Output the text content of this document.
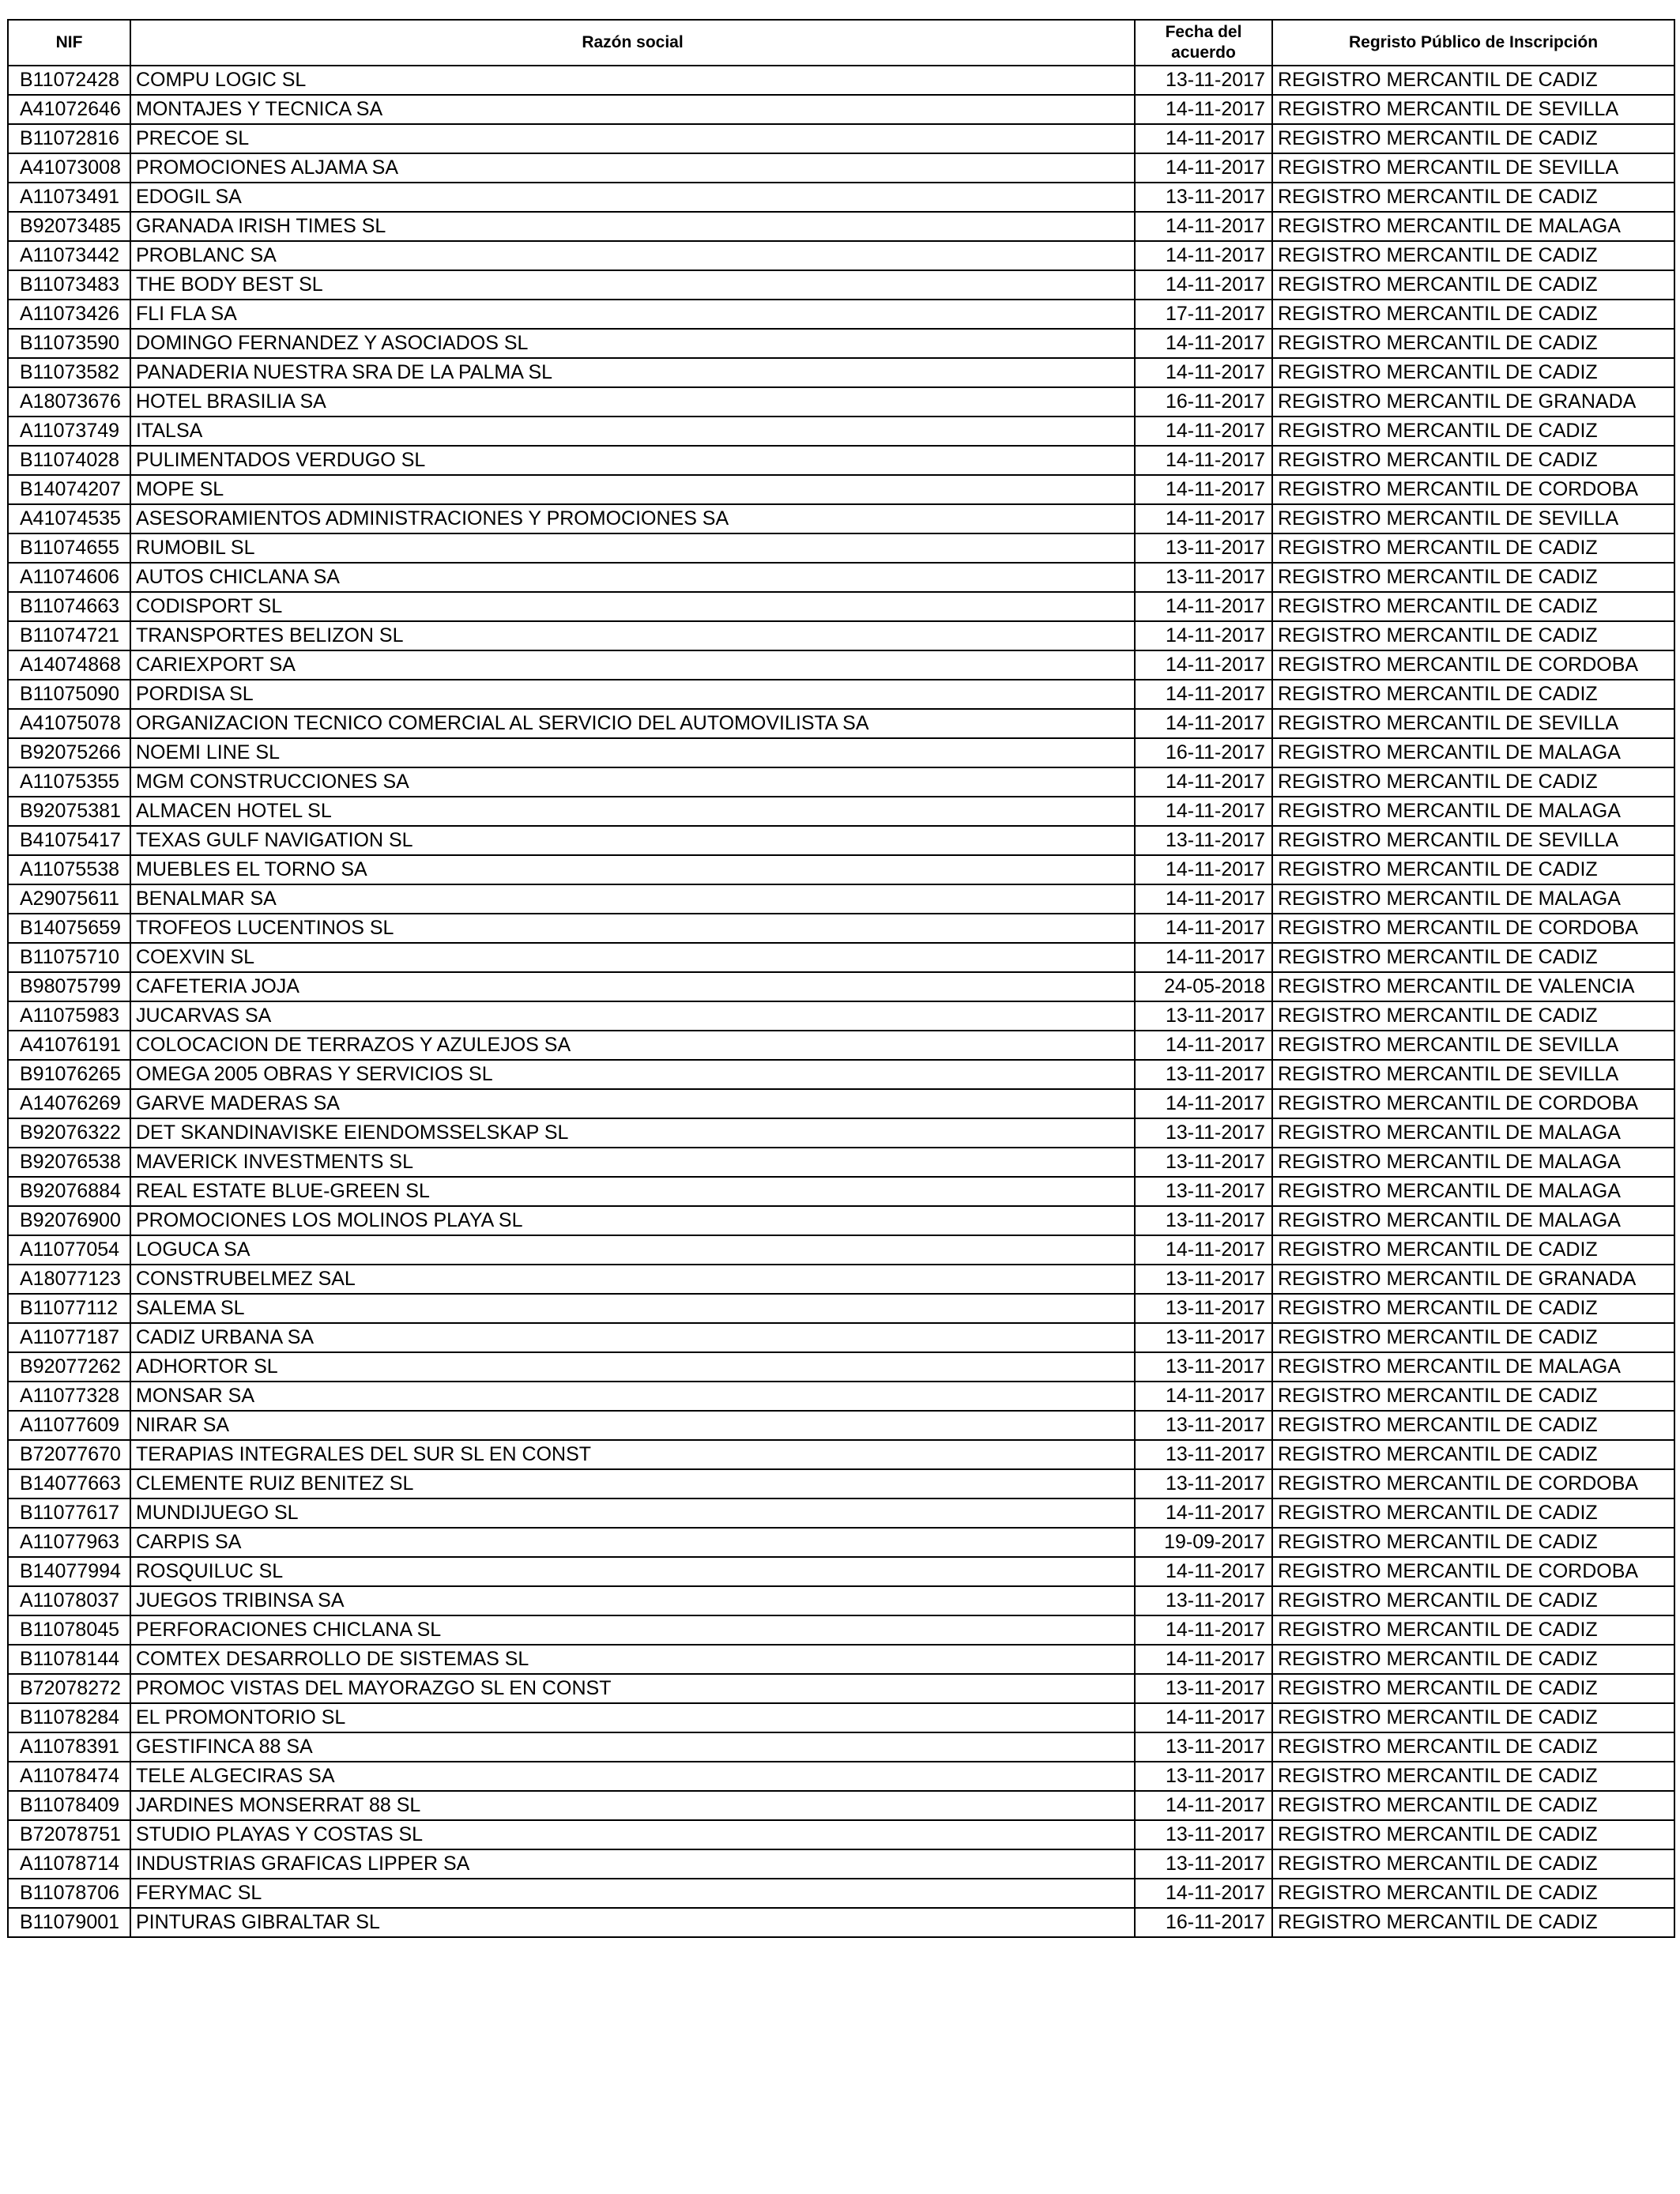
NIF	Razón social	Fecha del acuerdo	Regristo Público de Inscripción
B11072428	COMPU LOGIC SL	13-11-2017	REGISTRO MERCANTIL DE CADIZ
A41072646	MONTAJES Y TECNICA SA	14-11-2017	REGISTRO MERCANTIL DE SEVILLA
B11072816	PRECOE SL	14-11-2017	REGISTRO MERCANTIL DE CADIZ
A41073008	PROMOCIONES ALJAMA SA	14-11-2017	REGISTRO MERCANTIL DE SEVILLA
A11073491	EDOGIL SA	13-11-2017	REGISTRO MERCANTIL DE CADIZ
B92073485	GRANADA IRISH TIMES SL	14-11-2017	REGISTRO MERCANTIL DE MALAGA
A11073442	PROBLANC SA	14-11-2017	REGISTRO MERCANTIL DE CADIZ
B11073483	THE BODY BEST SL	14-11-2017	REGISTRO MERCANTIL DE CADIZ
A11073426	FLI FLA SA	17-11-2017	REGISTRO MERCANTIL DE CADIZ
B11073590	DOMINGO FERNANDEZ Y ASOCIADOS SL	14-11-2017	REGISTRO MERCANTIL DE CADIZ
B11073582	PANADERIA NUESTRA SRA DE LA PALMA SL	14-11-2017	REGISTRO MERCANTIL DE CADIZ
A18073676	HOTEL BRASILIA SA	16-11-2017	REGISTRO MERCANTIL DE GRANADA
A11073749	ITALSA	14-11-2017	REGISTRO MERCANTIL DE CADIZ
B11074028	PULIMENTADOS VERDUGO SL	14-11-2017	REGISTRO MERCANTIL DE CADIZ
B14074207	MOPE SL	14-11-2017	REGISTRO MERCANTIL DE CORDOBA
A41074535	ASESORAMIENTOS ADMINISTRACIONES Y PROMOCIONES SA	14-11-2017	REGISTRO MERCANTIL DE SEVILLA
B11074655	RUMOBIL SL	13-11-2017	REGISTRO MERCANTIL DE CADIZ
A11074606	AUTOS CHICLANA SA	13-11-2017	REGISTRO MERCANTIL DE CADIZ
B11074663	CODISPORT SL	14-11-2017	REGISTRO MERCANTIL DE CADIZ
B11074721	TRANSPORTES BELIZON SL	14-11-2017	REGISTRO MERCANTIL DE CADIZ
A14074868	CARIEXPORT SA	14-11-2017	REGISTRO MERCANTIL DE CORDOBA
B11075090	PORDISA SL	14-11-2017	REGISTRO MERCANTIL DE CADIZ
A41075078	ORGANIZACION TECNICO COMERCIAL AL SERVICIO DEL AUTOMOVILISTA SA	14-11-2017	REGISTRO MERCANTIL DE SEVILLA
B92075266	NOEMI LINE SL	16-11-2017	REGISTRO MERCANTIL DE MALAGA
A11075355	MGM CONSTRUCCIONES SA	14-11-2017	REGISTRO MERCANTIL DE CADIZ
B92075381	ALMACEN HOTEL SL	14-11-2017	REGISTRO MERCANTIL DE MALAGA
B41075417	TEXAS GULF NAVIGATION SL	13-11-2017	REGISTRO MERCANTIL DE SEVILLA
A11075538	MUEBLES EL TORNO SA	14-11-2017	REGISTRO MERCANTIL DE CADIZ
A29075611	BENALMAR SA	14-11-2017	REGISTRO MERCANTIL DE MALAGA
B14075659	TROFEOS LUCENTINOS SL	14-11-2017	REGISTRO MERCANTIL DE CORDOBA
B11075710	COEXVIN SL	14-11-2017	REGISTRO MERCANTIL DE CADIZ
B98075799	CAFETERIA JOJA	24-05-2018	REGISTRO MERCANTIL DE VALENCIA
A11075983	JUCARVAS SA	13-11-2017	REGISTRO MERCANTIL DE CADIZ
A41076191	COLOCACION DE TERRAZOS Y AZULEJOS SA	14-11-2017	REGISTRO MERCANTIL DE SEVILLA
B91076265	OMEGA 2005 OBRAS Y SERVICIOS SL	13-11-2017	REGISTRO MERCANTIL DE SEVILLA
A14076269	GARVE MADERAS SA	14-11-2017	REGISTRO MERCANTIL DE CORDOBA
B92076322	DET SKANDINAVISKE EIENDOMSSELSKAP SL	13-11-2017	REGISTRO MERCANTIL DE MALAGA
B92076538	MAVERICK INVESTMENTS SL	13-11-2017	REGISTRO MERCANTIL DE MALAGA
B92076884	REAL ESTATE BLUE-GREEN SL	13-11-2017	REGISTRO MERCANTIL DE MALAGA
B92076900	PROMOCIONES LOS MOLINOS PLAYA SL	13-11-2017	REGISTRO MERCANTIL DE MALAGA
A11077054	LOGUCA SA	14-11-2017	REGISTRO MERCANTIL DE CADIZ
A18077123	CONSTRUBELMEZ SAL	13-11-2017	REGISTRO MERCANTIL DE GRANADA
B11077112	SALEMA SL	13-11-2017	REGISTRO MERCANTIL DE CADIZ
A11077187	CADIZ URBANA SA	13-11-2017	REGISTRO MERCANTIL DE CADIZ
B92077262	ADHORTOR SL	13-11-2017	REGISTRO MERCANTIL DE MALAGA
A11077328	MONSAR SA	14-11-2017	REGISTRO MERCANTIL DE CADIZ
A11077609	NIRAR SA	13-11-2017	REGISTRO MERCANTIL DE CADIZ
B72077670	TERAPIAS INTEGRALES DEL SUR SL EN CONST	13-11-2017	REGISTRO MERCANTIL DE CADIZ
B14077663	CLEMENTE RUIZ BENITEZ SL	13-11-2017	REGISTRO MERCANTIL DE CORDOBA
B11077617	MUNDIJUEGO SL	14-11-2017	REGISTRO MERCANTIL DE CADIZ
A11077963	CARPIS SA	19-09-2017	REGISTRO MERCANTIL DE CADIZ
B14077994	ROSQUILUC SL	14-11-2017	REGISTRO MERCANTIL DE CORDOBA
A11078037	JUEGOS TRIBINSA SA	13-11-2017	REGISTRO MERCANTIL DE CADIZ
B11078045	PERFORACIONES CHICLANA SL	14-11-2017	REGISTRO MERCANTIL DE CADIZ
B11078144	COMTEX DESARROLLO DE SISTEMAS SL	14-11-2017	REGISTRO MERCANTIL DE CADIZ
B72078272	PROMOC VISTAS DEL MAYORAZGO SL EN CONST	13-11-2017	REGISTRO MERCANTIL DE CADIZ
B11078284	EL PROMONTORIO SL	14-11-2017	REGISTRO MERCANTIL DE CADIZ
A11078391	GESTIFINCA 88 SA	13-11-2017	REGISTRO MERCANTIL DE CADIZ
A11078474	TELE ALGECIRAS SA	13-11-2017	REGISTRO MERCANTIL DE CADIZ
B11078409	JARDINES MONSERRAT 88 SL	14-11-2017	REGISTRO MERCANTIL DE CADIZ
B72078751	STUDIO PLAYAS Y COSTAS SL	13-11-2017	REGISTRO MERCANTIL DE CADIZ
A11078714	INDUSTRIAS GRAFICAS LIPPER SA	13-11-2017	REGISTRO MERCANTIL DE CADIZ
B11078706	FERYMAC SL	14-11-2017	REGISTRO MERCANTIL DE CADIZ
B11079001	PINTURAS GIBRALTAR SL	16-11-2017	REGISTRO MERCANTIL DE CADIZ
